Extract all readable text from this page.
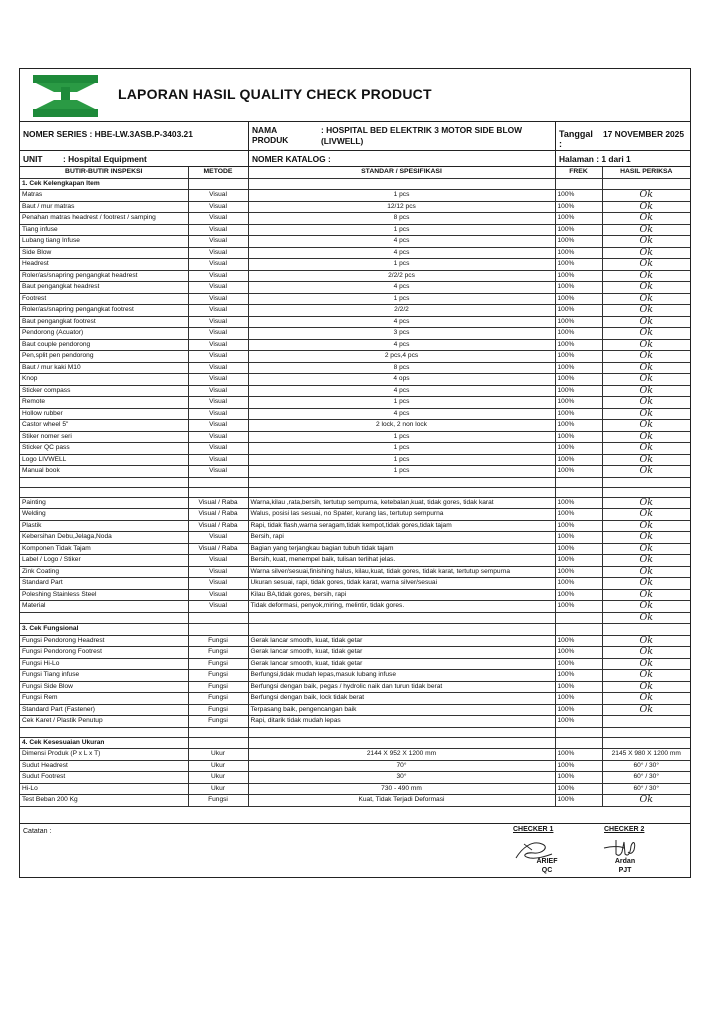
LAPORAN HASIL QUALITY CHECK PRODUCT
NOMER SERIES : HBE-LW.3ASB.P-3403.21	NAMA PRODUK
: HOSPITAL BED ELEKTRIK 3 MOTOR SIDE BLOW (LIVWELL)
Tanggal :
17 NOVEMBER 2025
UNIT	: Hospital Equipment	NOMER KATALOG :	Halaman : 1 dari 1
BUTIR-BUTIR INSPEKSI	METODE	STANDAR / SPESIFIKASI	FREK	HASIL PERIKSA
1. Cek Kelengkapan Item				
Matras	Visual	1 pcs	100%	Ok
Baut / mur matras	Visual	12/12 pcs	100%	Ok
Penahan matras headrest / footrest / samping	Visual	8 pcs	100%	Ok
Tiang infuse	Visual	1 pcs	100%	Ok
Lubang tiang Infuse	Visual	4 pcs	100%	Ok
Side Blow	Visual	4 pcs	100%	Ok
Headrest	Visual	1 pcs	100%	Ok
Roler/as/snapring pengangkat headrest	Visual	2/2/2 pcs	100%	Ok
Baut pengangkat headrest	Visual	4 pcs	100%	Ok
Footrest	Visual	1 pcs	100%	Ok
Roler/as/snapring pengangkat footrest	Visual	2/2/2	100%	Ok
Baut pengangkat footrest	Visual	4 pcs	100%	Ok
Pendorong (Acuator)	Visual	3 pcs	100%	Ok
Baut couple pendorong	Visual	4 pcs	100%	Ok
Pen,split pen pendorong	Visual	2 pcs,4 pcs	100%	Ok
Baut / mur kaki M10	Visual	8 pcs	100%	Ok
Knop	Visual	4 ops	100%	Ok
Sticker compass	Visual	4 pcs	100%	Ok
Remote	Visual	1 pcs	100%	Ok
Hollow rubber	Visual	4 pcs	100%	Ok
Castor wheel 5"	Visual	2 lock, 2 non lock	100%	Ok
Stiker nomer seri	Visual	1 pcs	100%	Ok
Sticker QC pass	Visual	1 pcs	100%	Ok
Logo LIVWELL	Visual	1 pcs	100%	Ok
Manual book	Visual	1 pcs	100%	Ok

Painting	Visual / Raba	Warna,kilau ,rata,bersih, tertutup sempurna, ketebalan,kuat, tidak gores, tidak karat	100%	Ok
Welding	Visual / Raba	Walus, posisi las sesuai, no Spater, kurang las, tertutup sempurna	100%	Ok
Plastik	Visual / Raba	Rapi, tidak flash,warna seragam,tidak kempot,tidak gores,tidak tajam	100%	Ok
Kebersihan Debu,Jelaga,Noda	Visual	Bersih, rapi	100%	Ok
Komponen Tidak Tajam	Visual / Raba	Bagian yang terjangkau bagian tubuh tidak tajam	100%	Ok
Label / Logo / Stiker	Visual	Bersih, kuat, menempel baik, tulisan terlihat jelas.	100%	Ok
Zink Coating	Visual	Warna silver/sesuai,finishing halus, kilau,kuat, tidak gores, tidak karat, tertutup sempurna	100%	Ok
Standard Part	Visual	Ukuran sesuai, rapi, tidak gores, tidak karat, warna silver/sesuai	100%	Ok
Poleshing Stainless Steel	Visual	Kilau BA,tidak gores, bersih, rapi	100%	Ok
Material	Visual	Tidak deformasi, penyok,miring, melintir, tidak gores.	100%	Ok
				Ok
3. Cek Fungsional				
Fungsi Pendorong Headrest	Fungsi	Gerak lancar smooth, kuat, tidak getar	100%	Ok
Fungsi Pendorong Footrest	Fungsi	Gerak lancar smooth, kuat, tidak getar	100%	Ok
Fungsi Hi-Lo	Fungsi	Gerak lancar smooth, kuat, tidak getar	100%	Ok
Fungsi Tiang infuse	Fungsi	Berfungsi,tidak mudah lepas,masuk lubang infuse	100%	Ok
Fungsi Side Blow	Fungsi	Berfungsi dengan baik, pegas / hydrolic naik dan turun tidak berat	100%	Ok
Fungsi Rem	Fungsi	Berfungsi dengan baik, lock tidak berat	100%	Ok
Standard Part (Fastener)	Fungsi	Terpasang baik, pengencangan baik	100%	Ok
Cek Karet / Plastik Penutup	Fungsi	Rapi, ditarik tidak mudah lepas	100%	

4. Cek Kesesuaian Ukuran				
Dimensi Produk (P x L x T)	Ukur	2144 X 952 X 1200 mm	100%	2145 X 980 X 1200 mm
Sudut Headrest	Ukur	70°	100%	60° / 30°
Sudut Footrest	Ukur	30°	100%	60° / 30°
Hi-Lo	Ukur	730 - 490 mm	100%	60° / 30°
Test Beban 200 Kg	Fungsi	Kuat, Tidak Terjadi Deformasi	100%	Ok
Catatan :	CHECKER 1
ARIEF
QC
CHECKER 2
Ardan
PJT
